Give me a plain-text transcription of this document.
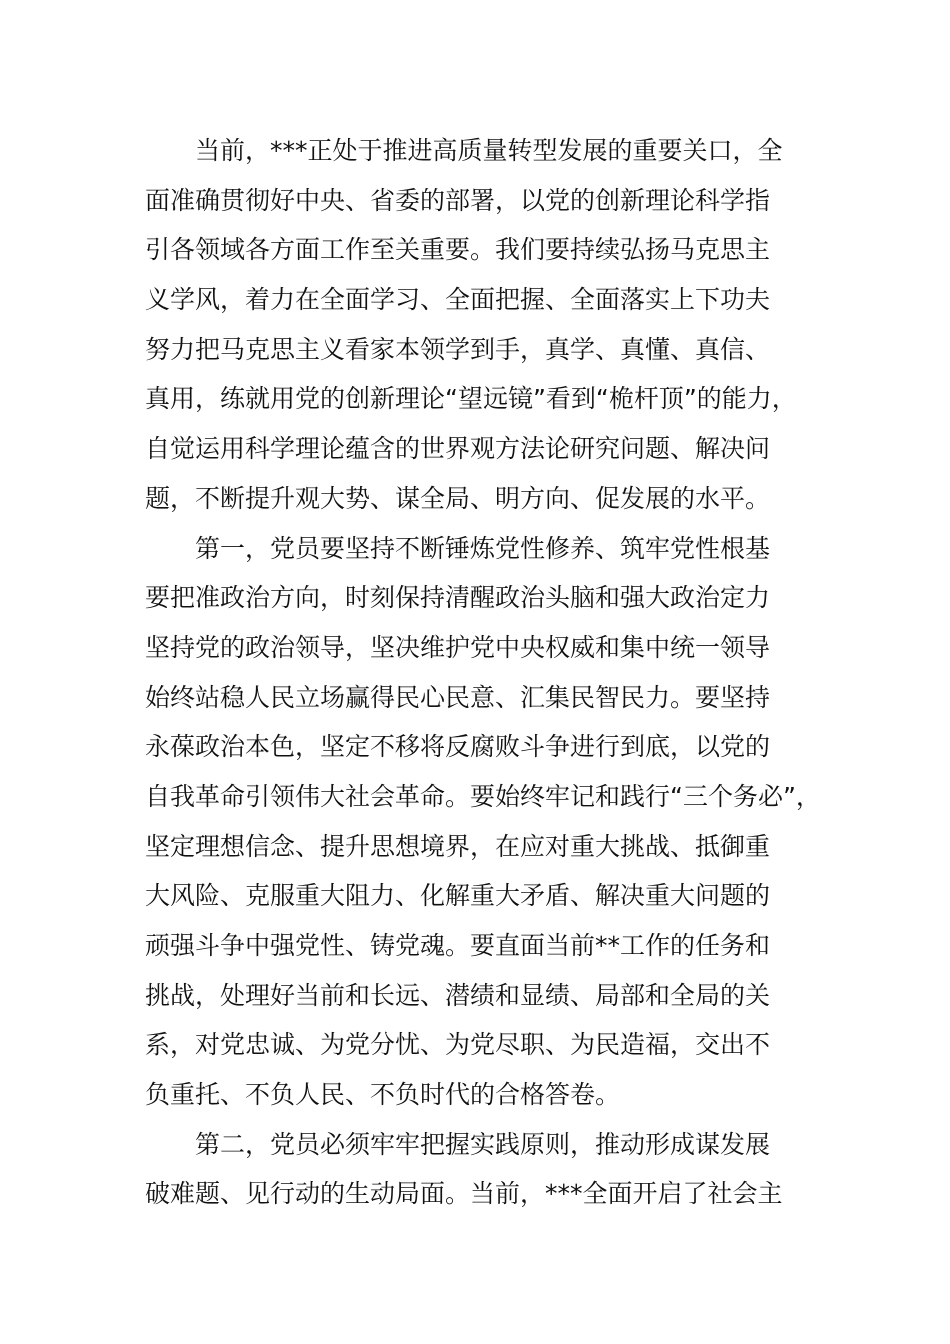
当前，***正处于推进高质量转型发展的重要关口，全
面准确贯彻好中央、省委的部署，以党的创新理论科学指
引各领域各方面工作至关重要。我们要持续弘扬马克思主
义学风，着力在全面学习、全面把握、全面落实上下功夫
努力把马克思主义看家本领学到手，真学、真懂、真信、
真用，练就用党的创新理论“望远镜”看到“桅杆顶”的能力，
自觉运用科学理论蕴含的世界观方法论研究问题、解决问
题，不断提升观大势、谋全局、明方向、促发展的水平。
第一，党员要坚持不断锤炼党性修养、筑牢党性根基
要把准政治方向，时刻保持清醒政治头脑和强大政治定力
坚持党的政治领导，坚决维护党中央权威和集中统一领导
始终站稳人民立场赢得民心民意、汇集民智民力。要坚持
永葆政治本色，坚定不移将反腐败斗争进行到底，以党的
自我革命引领伟大社会革命。要始终牢记和践行“三个务必”，
坚定理想信念、提升思想境界，在应对重大挑战、抵御重
大风险、克服重大阻力、化解重大矛盾、解决重大问题的
顽强斗争中强党性、铸党魂。要直面当前**工作的任务和
挑战，处理好当前和长远、潜绩和显绩、局部和全局的关
系，对党忠诚、为党分忧、为党尽职、为民造福，交出不
负重托、不负人民、不负时代的合格答卷。
第二，党员必须牢牢把握实践原则，推动形成谋发展
破难题、见行动的生动局面。当前，***全面开启了社会主
